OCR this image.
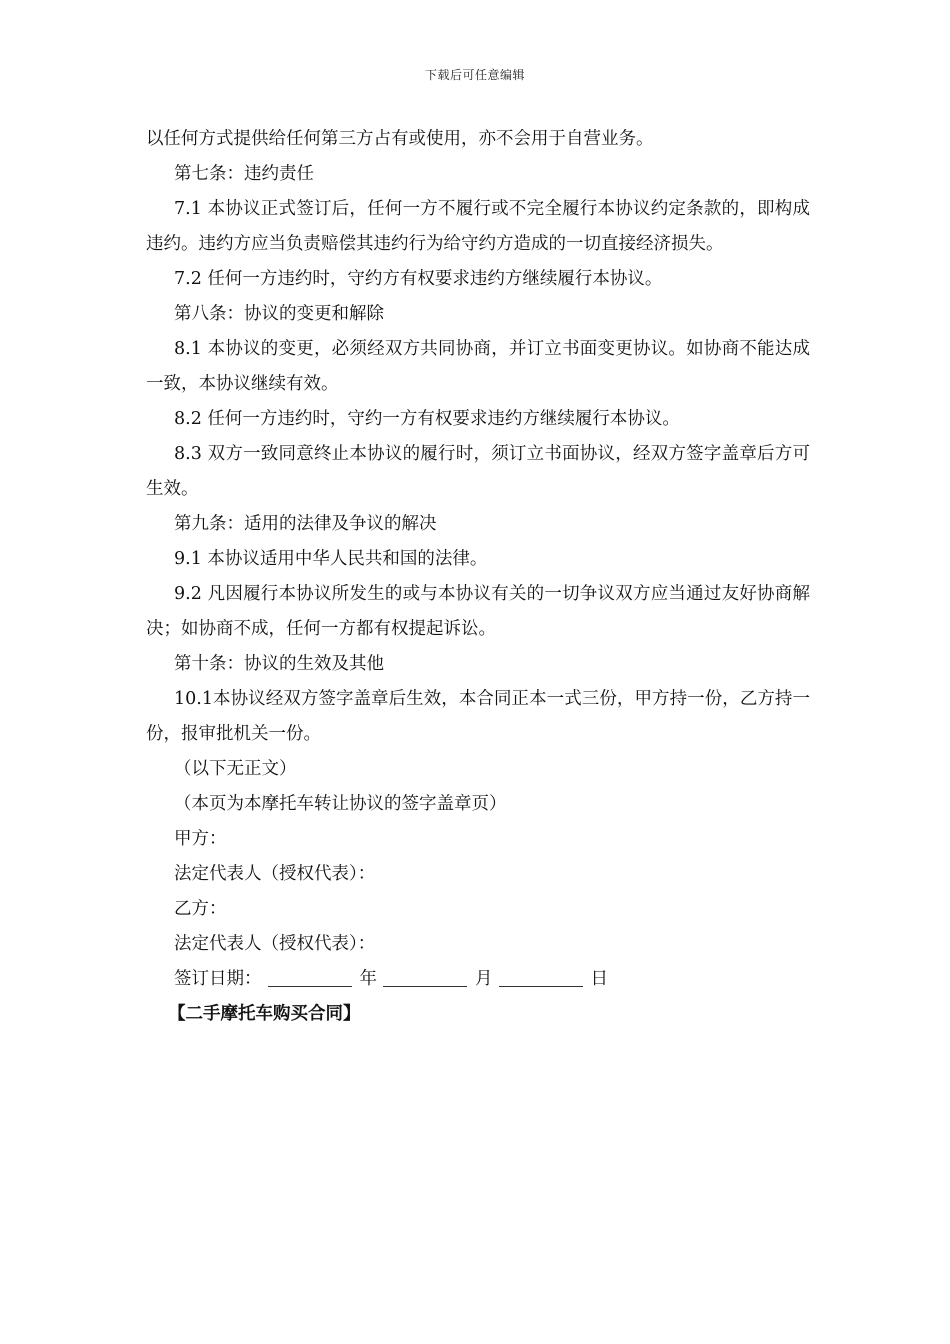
下载后可任意编辑

以任何方式提供给任何第三方占有或使用，亦不会用于自营业务。

第七条：违约责任

7.1 本协议正式签订后，任何一方不履行或不完全履行本协议约定条款的，即构成违约。违约方应当负责赔偿其违约行为给守约方造成的一切直接经济损失。

7.2 任何一方违约时，守约方有权要求违约方继续履行本协议。

第八条：协议的变更和解除

8.1 本协议的变更，必须经双方共同协商，并订立书面变更协议。如协商不能达成一致，本协议继续有效。

8.2 任何一方违约时，守约一方有权要求违约方继续履行本协议。

8.3 双方一致同意终止本协议的履行时，须订立书面协议，经双方签字盖章后方可生效。

第九条：适用的法律及争议的解决

9.1 本协议适用中华人民共和国的法律。

9.2 凡因履行本协议所发生的或与本协议有关的一切争议双方应当通过友好协商解决；如协商不成，任何一方都有权提起诉讼。

第十条：协议的生效及其他

10.1本协议经双方签字盖章后生效，本合同正本一式三份，甲方持一份，乙方持一份，报审批机关一份。

（以下无正文）

（本页为本摩托车转让协议的签字盖章页）

甲方：

法定代表人（授权代表）：

乙方：

法定代表人（授权代表）：

签订日期：	年	月	日

【二手摩托车购买合同】
